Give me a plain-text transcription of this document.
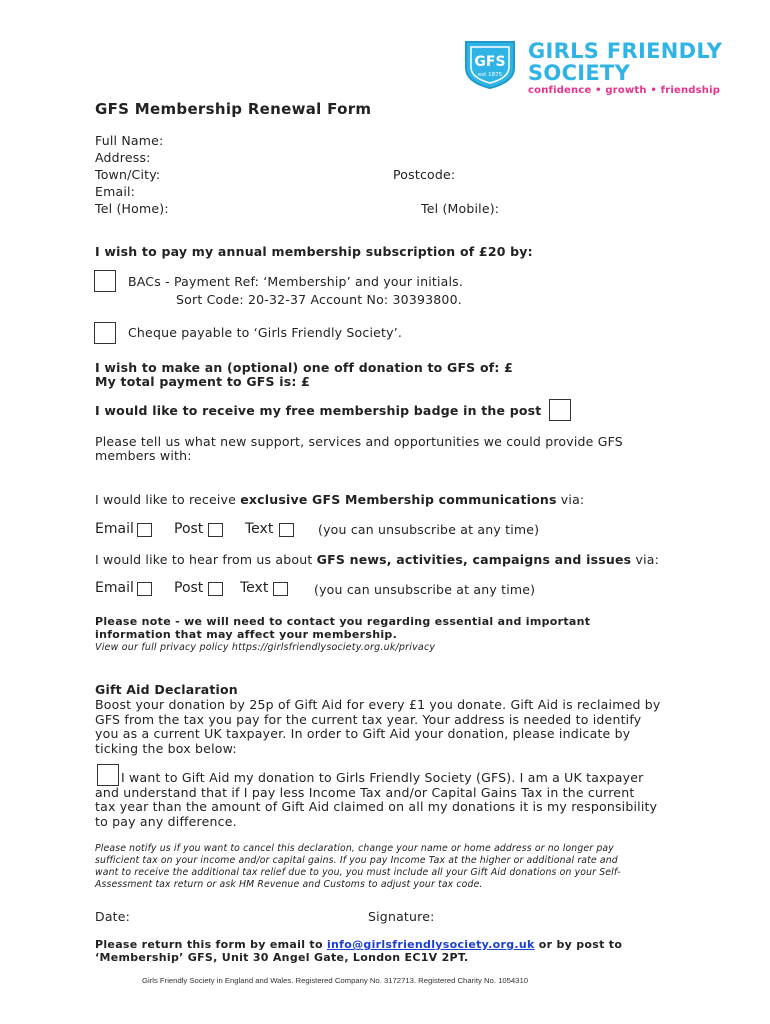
GFS
est 1875
GIRLS FRIENDLY
SOCIETY
confidence • growth • friendship
GFS Membership Renewal Form
Full Name:
Address:
Town/City:	Postcode:
Email:
Tel (Home):	Tel (Mobile):
I wish to pay my annual membership subscription of £20 by:
BACs - Payment Ref: ‘Membership’ and your initials.
Sort Code: 20-32-37 Account No: 30393800.
Cheque payable to ‘Girls Friendly Society’.
I wish to make an (optional) one off donation to GFS of: £
My total payment to GFS is: £
I would like to receive my free membership badge in the post
Please tell us what new support, services and opportunities we could provide GFS
members with:
I would like to receive exclusive GFS Membership communications via:
Email	Post	Text	(you can unsubscribe at any time)
I would like to hear from us about GFS news, activities, campaigns and issues via:
Email	Post	Text	(you can unsubscribe at any time)
Please note - we will need to contact you regarding essential and important
information that may affect your membership.
View our full privacy policy https://girlsfriendlysociety.org.uk/privacy
Gift Aid Declaration
Boost your donation by 25p of Gift Aid for every £1 you donate. Gift Aid is reclaimed by
GFS from the tax you pay for the current tax year. Your address is needed to identify
you as a current UK taxpayer. In order to Gift Aid your donation, please indicate by
ticking the box below:
I want to Gift Aid my donation to Girls Friendly Society (GFS). I am a UK taxpayer
and understand that if I pay less Income Tax and/or Capital Gains Tax in the current
tax year than the amount of Gift Aid claimed on all my donations it is my responsibility
to pay any difference.
Please notify us if you want to cancel this declaration, change your name or home address or no longer pay
sufficient tax on your income and/or capital gains. If you pay Income Tax at the higher or additional rate and
want to receive the additional tax relief due to you, you must include all your Gift Aid donations on your Self-
Assessment tax return or ask HM Revenue and Customs to adjust your tax code.
Date:	Signature:
Please return this form by email to info@girlsfriendlysociety.org.uk or by post to
‘Membership’ GFS, Unit 30 Angel Gate, London EC1V 2PT.
Girls Friendly Society in England and Wales. Registered Company No. 3172713. Registered Charity No. 1054310
